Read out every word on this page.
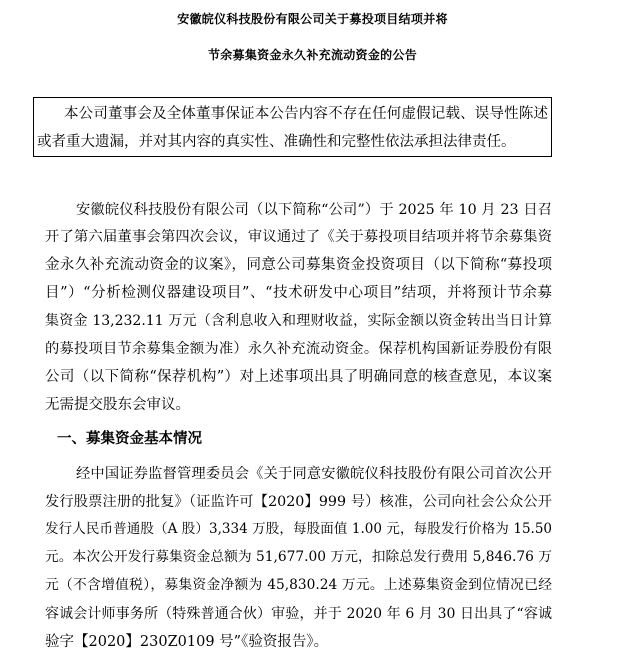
安徽皖仪科技股份有限公司关于募投项目结项并将
节余募集资金永久补充流动资金的公告
本公司董事会及全体董事保证本公告内容不存在任何虚假记载、误导性陈述
或者重大遗漏，并对其内容的真实性、准确性和完整性依法承担法律责任。
安徽皖仪科技股份有限公司（以下简称“公司”）于 2025 年 10 月 23 日召
开了第六届董事会第四次会议，审议通过了《关于募投项目结项并将节余募集资
金永久补充流动资金的议案》，同意公司募集资金投资项目（以下简称“募投项
目”）“分析检测仪器建设项目”、“技术研发中心项目”结项，并将预计节余募
集资金 13,232.11 万元（含利息收入和理财收益，实际金额以资金转出当日计算
的募投项目节余募集金额为准）永久补充流动资金。保荐机构国新证券股份有限
公司（以下简称“保荐机构”）对上述事项出具了明确同意的核查意见，本议案
无需提交股东会审议。
一、募集资金基本情况
经中国证券监督管理委员会《关于同意安徽皖仪科技股份有限公司首次公开
发行股票注册的批复》（证监许可【2020】999 号）核准，公司向社会公众公开
发行人民币普通股（A 股）3,334 万股，每股面值 1.00 元，每股发行价格为 15.50
元。本次公开发行募集资金总额为 51,677.00 万元，扣除总发行费用 5,846.76 万
元（不含增值税），募集资金净额为 45,830.24 万元。上述募集资金到位情况已经
容诚会计师事务所（特殊普通合伙）审验，并于 2020 年 6 月 30 日出具了“容诚
验字【2020】230Z0109 号”《验资报告》。
